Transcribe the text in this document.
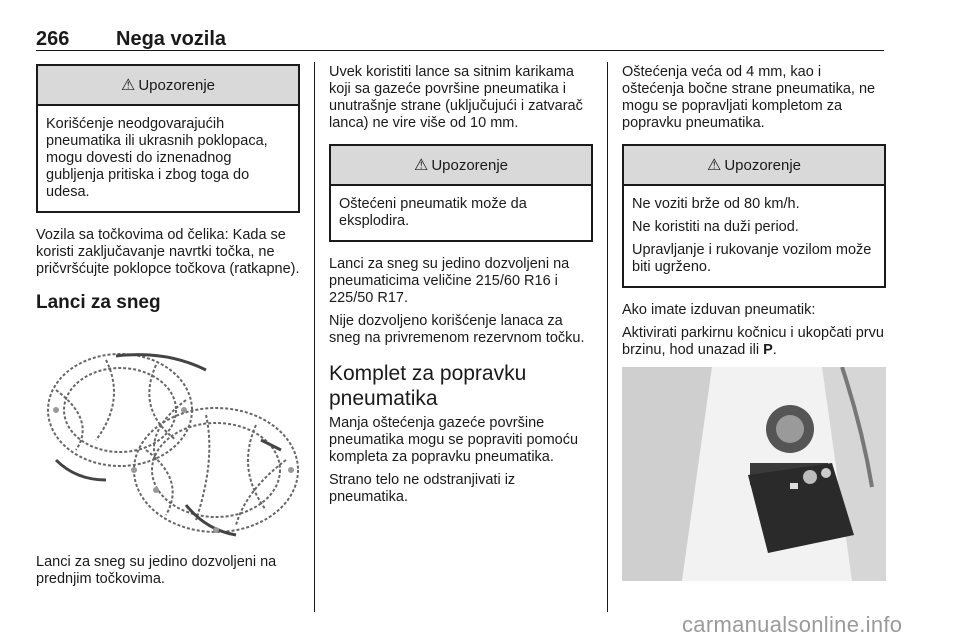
266 Nega vozila
⚠ Upozorenje

Korišćenje neodgovarajućih pneumatika ili ukrasnih poklopaca, mogu dovesti do iznenadnog gubljenja pritiska i zbog toga do udesa.

Vozila sa točkovima od čelika: Kada se koristi zaključavanje navrtki točka, ne pričvršćujte poklopce točkova (ratkapne).

Lanci za sneg

Lanci za sneg su jedino dozvoljeni na prednjim točkovima.

Uvek koristiti lance sa sitnim karikama koji sa gazeće površine pneumatika i unutrašnje strane (uključujući i zatvarač lanca) ne vire više od 10 mm.

⚠ Upozorenje

Oštećeni pneumatik može da eksplodira.

Lanci za sneg su jedino dozvoljeni na pneumaticima veličine 215/60 R16 i 225/50 R17.

Nije dozvoljeno korišćenje lanaca za sneg na privremenom rezervnom točku.

Komplet za popravku pneumatika

Manja oštećenja gazeće površine pneumatika mogu se popraviti pomoću kompleta za popravku pneumatika.

Strano telo ne odstranjivati iz pneumatika.

Oštećenja veća od 4 mm, kao i oštećenja bočne strane pneumatika, ne mogu se popravljati kompletom za popravku pneumatika.

⚠ Upozorenje

Ne voziti brže od 80 km/h.

Ne koristiti na duži period.

Upravljanje i rukovanje vozilom može biti ugrženo.

Ako imate izduvan pneumatik:

Aktivirati parkirnu kočnicu i ukopčati prvu brzinu, hod unazad ili P.

carmanualsonline.info
